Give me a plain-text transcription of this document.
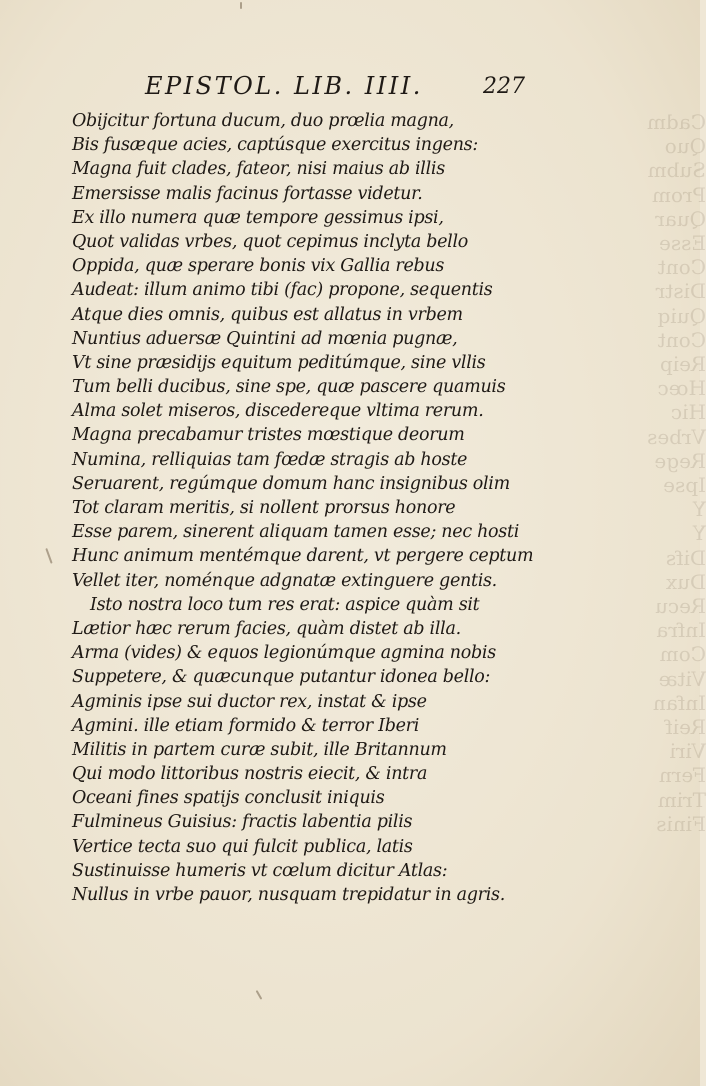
Cadm
Quo
Subm
Prom
Quar
Esse
Cont
Distr
Quiq
Cont
Reip
Hœc
Hic
Vrbes
Rege
Ipse
Y
Y
Difs
Dux
Recu
Infra
Com
Vitæ
Infan
Reif
Viri
Fern
Trim
Finis
EPISTOL. LIB. IIII.	227
Obijcitur fortuna ducum, duo prœlia magna,
Bis fusæque acies, captúsque exercitus ingens:
Magna fuit clades, fateor, nisi maius ab illis
Emersisse malis facinus fortasse videtur.
Ex illo numera quæ tempore gessimus ipsi,
Quot validas vrbes, quot cepimus inclyta bello
Oppida, quæ sperare bonis vix Gallia rebus
Audeat: illum animo tibi (fac) propone, sequentis
Atque dies omnis, quibus est allatus in vrbem
Nuntius aduersæ Quintini ad mœnia pugnæ,
Vt sine præsidijs equitum peditúmque, sine vllis
Tum belli ducibus, sine spe, quæ pascere quamuis
Alma solet miseros, discedereque vltima rerum.
Magna precabamur tristes mœstique deorum
Numina, relliquias tam fœdæ stragis ab hoste
Seruarent, regúmque domum hanc insignibus olim
Tot claram meritis, si nollent prorsus honore
Esse parem, sinerent aliquam tamen esse; nec hosti
Hunc animum mentémque darent, vt pergere ceptum
Vellet iter, noménque adgnatæ extinguere gentis.
Isto nostra loco tum res erat: aspice quàm sit
Lætior hæc rerum facies, quàm distet ab illa.
Arma (vides) & equos legionúmque agmina nobis
Suppetere, & quæcunque putantur idonea bello:
Agminis ipse sui ductor rex, instat & ipse
Agmini. ille etiam formido & terror Iberi
Militis in partem curæ subit, ille Britannum
Qui modo littoribus nostris eiecit, & intra
Oceani fines spatijs conclusit iniquis
Fulmineus Guisius: fractis labentia pilis
Vertice tecta suo qui fulcit publica, latis
Sustinuisse humeris vt cœlum dicitur Atlas:
Nullus in vrbe pauor, nusquam trepidatur in agris.
